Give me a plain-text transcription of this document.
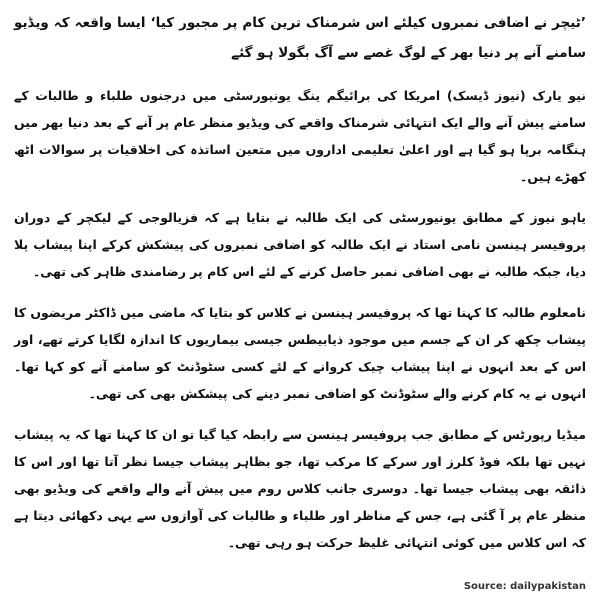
’ٹیچر نے اضافی نمبروں کیلئے اس شرمناک ترین کام پر مجبور کیا‘ ایسا واقعہ کہ ویڈیو سامنے آنے پر دنیا بھر کے لوگ غصے سے آگ بگولا ہو گئے

نیو یارک (نیوز ڈیسک) امریکا کی برائیگم ینگ یونیورسٹی میں درجنوں طلباء و طالبات کے سامنے پیش آنے والے ایک انتہائی شرمناک واقعے کی ویڈیو منظر عام پر آنے کے بعد دنیا بھر میں ہنگامہ برپا ہو گیا ہے اور اعلیٰ تعلیمی اداروں میں متعین اساتذہ کی اخلاقیات پر سوالات اٹھ کھڑے ہیں۔

یاہو نیوز کے مطابق یونیورسٹی کی ایک طالبہ نے بتایا ہے کہ فزیالوجی کے لیکچر کے دوران پروفیسر ہینسن نامی استاد نے ایک طالبہ کو اضافی نمبروں کی پیشکش کرکے اپنا پیشاب پلا دیا، جبکہ طالبہ نے بھی اضافی نمبر حاصل کرنے کے لئے اس کام پر رضامندی ظاہر کی تھی۔

نامعلوم طالبہ کا کہنا تھا کہ پروفیسر ہینسن نے کلاس کو بتایا کہ ماضی میں ڈاکٹر مریضوں کا پیشاب چکھ کر ان کے جسم میں موجود ذیابیطس جیسی بیماریوں کا اندازہ لگایا کرتے تھے، اور اس کے بعد انہوں نے اپنا پیشاب چیک کروانے کے لئے کسی سٹوڈنٹ کو سامنے آنے کو کہا تھا۔ انہوں نے یہ کام کرنے والے سٹوڈنٹ کو اضافی نمبر دینے کی پیشکش بھی کی تھی۔

میڈیا رپورٹس کے مطابق جب پروفیسر ہینسن سے رابطہ کیا گیا تو ان کا کہنا تھا کہ یہ پیشاب نہیں تھا بلکہ فوڈ کلرز اور سرکے کا مرکب تھا، جو بظاہر پیشاب جیسا نظر آتا تھا اور اس کا ذائقہ بھی پیشاب جیسا تھا۔ دوسری جانب کلاس روم میں پیش آنے والے واقعے کی ویڈیو بھی منظر عام پر آ گئی ہے، جس کے مناظر اور طلباء و طالبات کی آوازوں سے یہی دکھائی دیتا ہے کہ اس کلاس میں کوئی انتہائی غلیظ حرکت ہو رہی تھی۔

Source: dailypakistan
